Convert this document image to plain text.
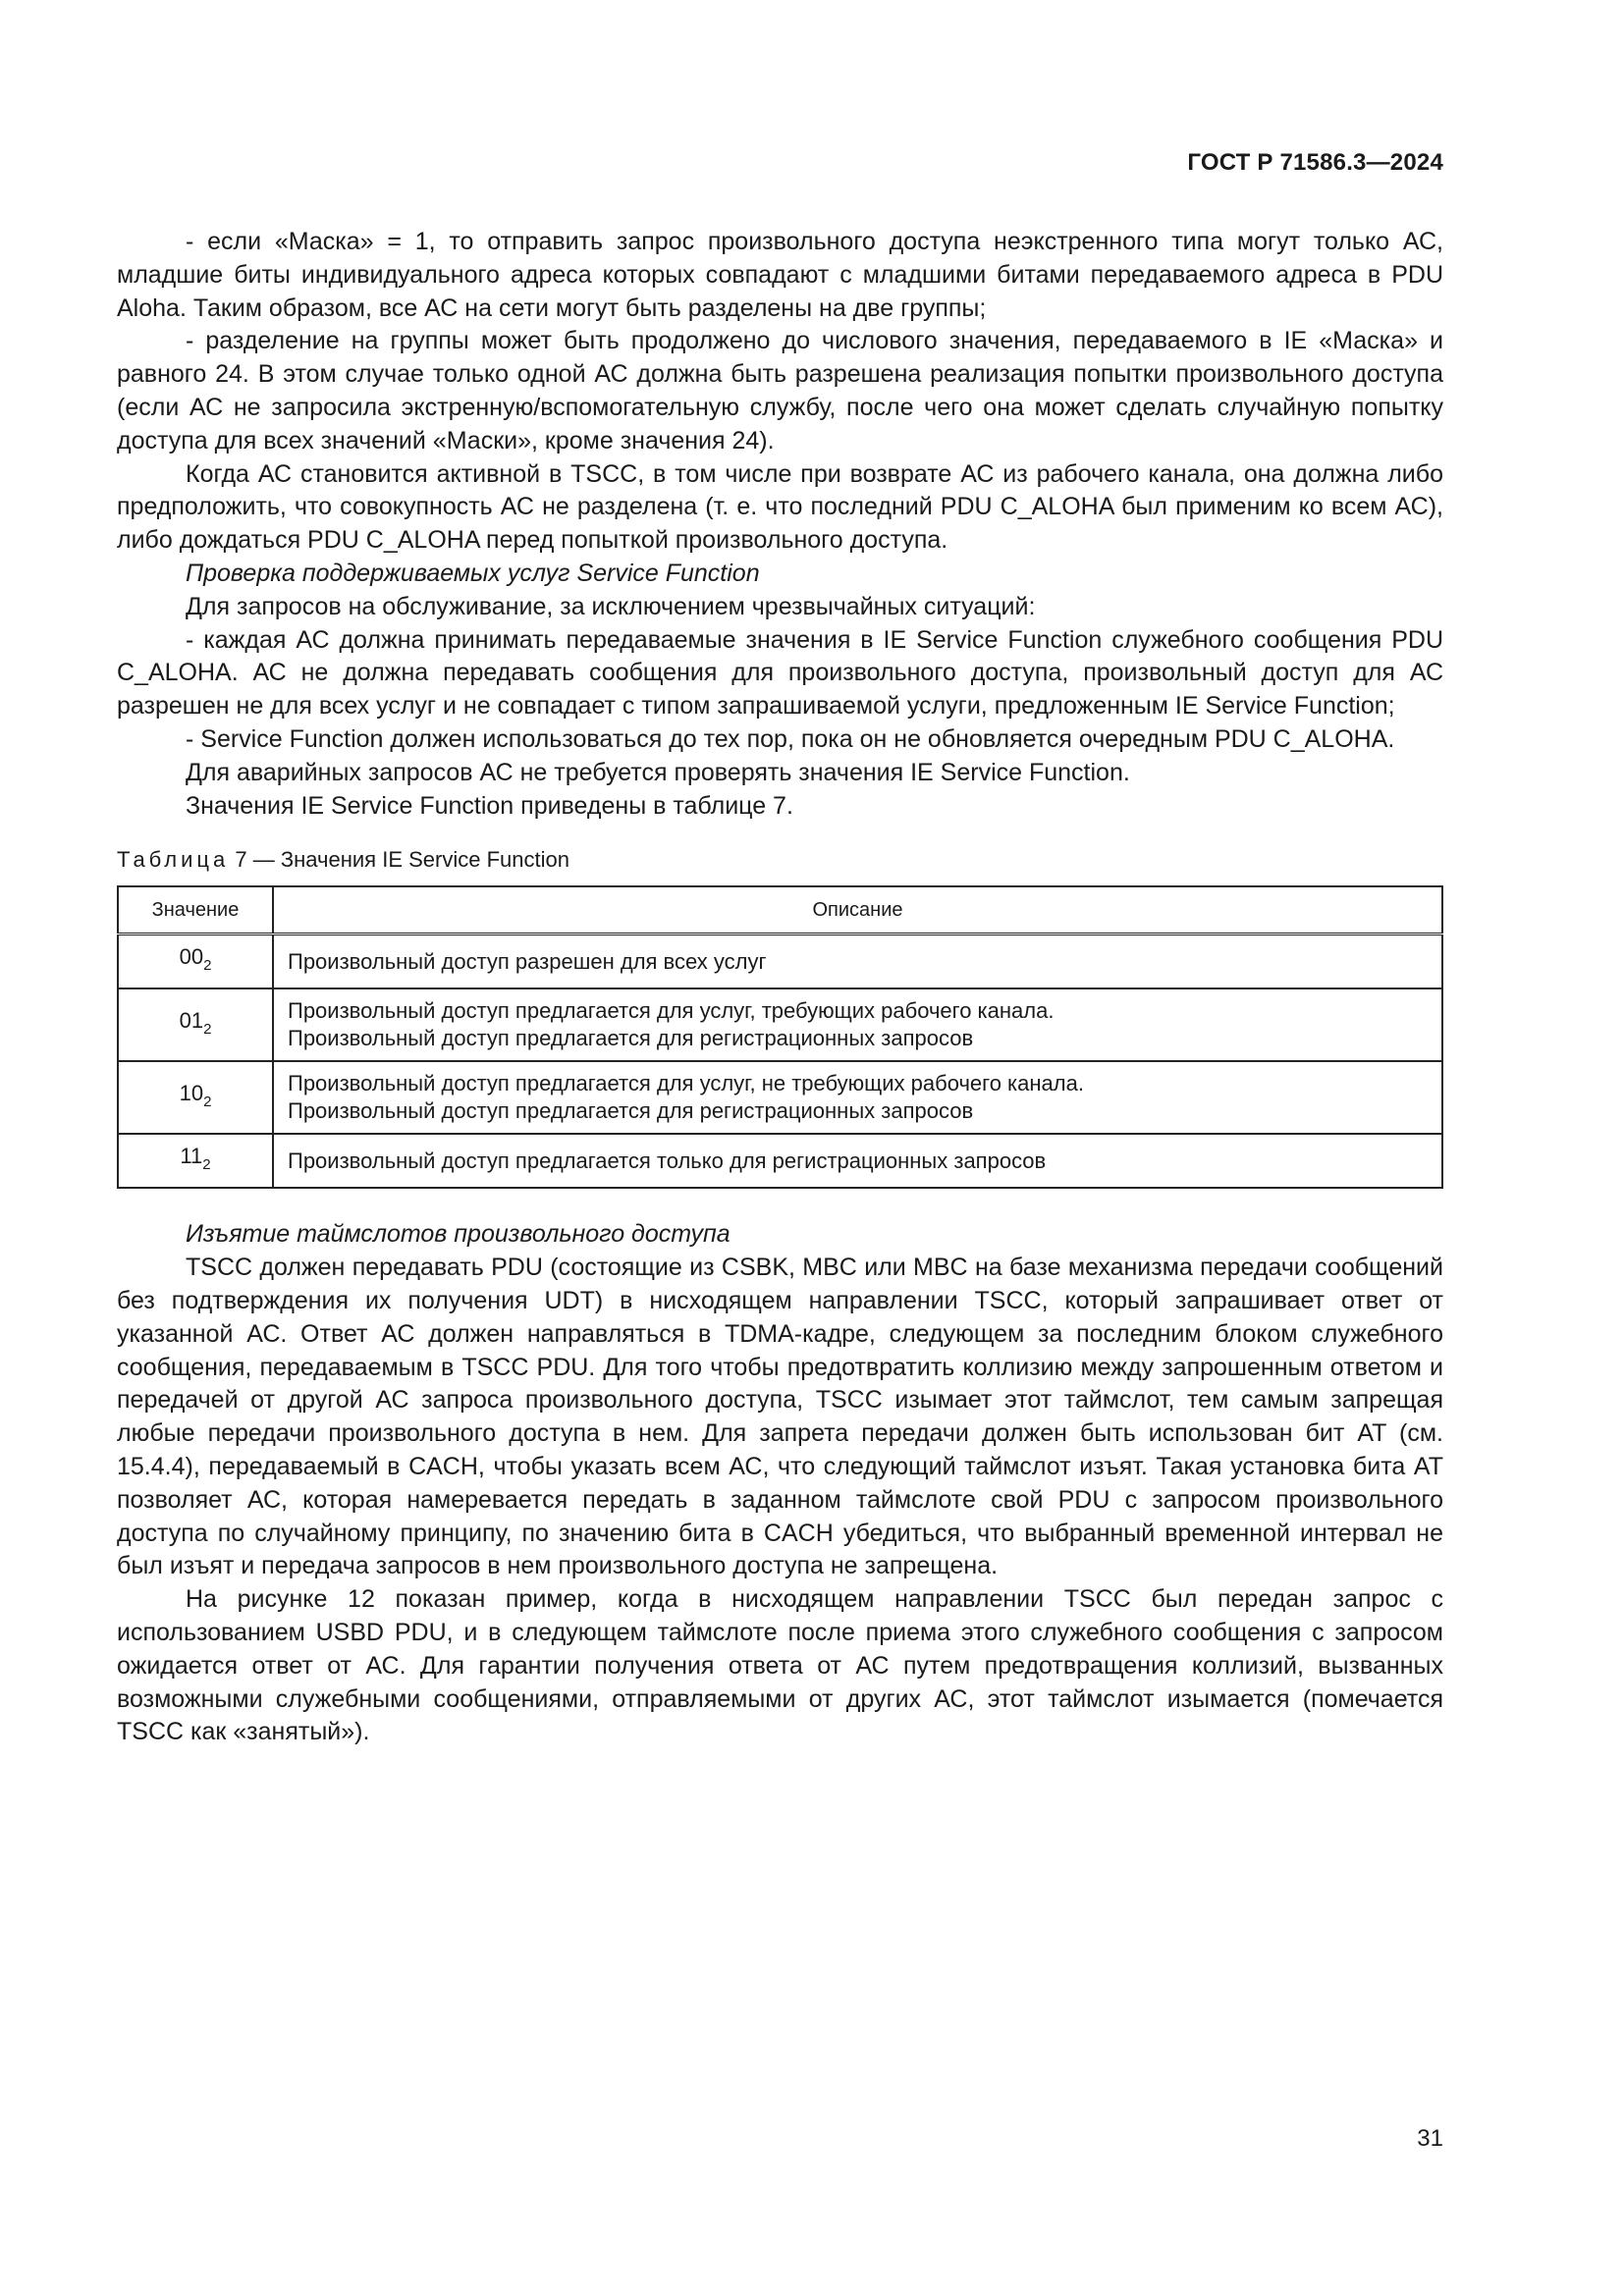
ГОСТ Р 71586.3—2024

- если «Маска» = 1, то отправить запрос произвольного доступа неэкстренного типа могут только АС, младшие биты индивидуального адреса которых совпадают с младшими битами передаваемого адреса в PDU Aloha. Таким образом, все АС на сети могут быть разделены на две группы;

- разделение на группы может быть продолжено до числового значения, передаваемого в IE «Маска» и равного 24. В этом случае только одной АС должна быть разрешена реализация попытки произвольного доступа (если АС не запросила экстренную/вспомогательную службу, после чего она может сделать случайную попытку доступа для всех значений «Маски», кроме значения 24).

Когда АС становится активной в TSCC, в том числе при возврате АС из рабочего канала, она должна либо предположить, что совокупность АС не разделена (т. е. что последний PDU C_ALOHA был применим ко всем АС), либо дождаться PDU C_ALOHA перед попыткой произвольного доступа.

Проверка поддерживаемых услуг Service Function

Для запросов на обслуживание, за исключением чрезвычайных ситуаций:

- каждая АС должна принимать передаваемые значения в IE Service Function служебного сообщения PDU C_ALOHA. АС не должна передавать сообщения для произвольного доступа, произвольный доступ для АС разрешен не для всех услуг и не совпадает с типом запрашиваемой услуги, предложенным IE Service Function;

- Service Function должен использоваться до тех пор, пока он не обновляется очередным PDU C_ALOHA.

Для аварийных запросов АС не требуется проверять значения IE Service Function.

Значения IE Service Function приведены в таблице 7.

Таблица 7 — Значения IE Service Function
Значение	Описание
$00_2$	Произвольный доступ разрешен для всех услуг

$01_2$	Произвольный доступ предлагается для услуг, требующих рабочего канала.
Произвольный доступ предлагается для регистрационных запросов

$10_2$	Произвольный доступ предлагается для услуг, не требующих рабочего канала.
Произвольный доступ предлагается для регистрационных запросов

$11_2$	Произвольный доступ предлагается только для регистрационных запросов

Изъятие таймслотов произвольного доступа

TSCC должен передавать PDU (состоящие из CSBK, MBC или MBC на базе механизма передачи сообщений без подтверждения их получения UDT) в нисходящем направлении TSCC, который запрашивает ответ от указанной АС. Ответ АС должен направляться в TDMA-кадре, следующем за последним блоком служебного сообщения, передаваемым в TSCC PDU. Для того чтобы предотвратить коллизию между запрошенным ответом и передачей от другой АС запроса произвольного доступа, TSCC изымает этот таймслот, тем самым запрещая любые передачи произвольного доступа в нем. Для запрета передачи должен быть использован бит AT (см. 15.4.4), передаваемый в CACH, чтобы указать всем АС, что следующий таймслот изъят. Такая установка бита AT позволяет АС, которая намеревается передать в заданном таймслоте свой PDU с запросом произвольного доступа по случайному принципу, по значению бита в CACH убедиться, что выбранный временной интервал не был изъят и передача запросов в нем произвольного доступа не запрещена.

На рисунке 12 показан пример, когда в нисходящем направлении TSCC был передан запрос с использованием USBD PDU, и в следующем таймслоте после приема этого служебного сообщения с запросом ожидается ответ от АС. Для гарантии получения ответа от АС путем предотвращения коллизий, вызванных возможными служебными сообщениями, отправляемыми от других АС, этот таймслот изымается (помечается TSCC как «занятый»).

31
